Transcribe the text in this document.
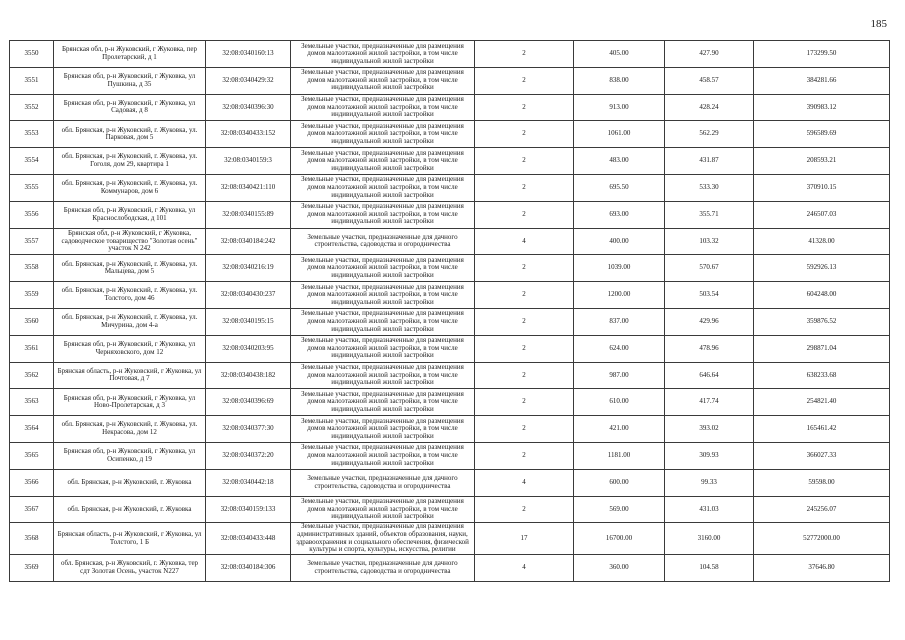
185
3550	Брянская обл, р-н Жуковский, г Жуковка, пер Пролетарский, д 1	32:08:0340160:13	Земельные участки, предназначенные для размещения домов малоэтажной жилой застройки, в том числе индивидуальной жилой застройки	2	405.00	427.90	173299.50
3551	Брянская обл, р-н Жуковский, г Жуковка, ул Пушкина, д 35	32:08:0340429:32	Земельные участки, предназначенные для размещения домов малоэтажной жилой застройки, в том числе индивидуальной жилой застройки	2	838.00	458.57	384281.66
3552	Брянская обл, р-н Жуковский, г Жуковка, ул Садовая, д 8	32:08:0340396:30	Земельные участки, предназначенные для размещения домов малоэтажной жилой застройки, в том числе индивидуальной жилой застройки	2	913.00	428.24	390983.12
3553	обл. Брянская, р-н Жуковский, г. Жуковка, ул. Парковая, дом 5	32:08:0340433:152	Земельные участки, предназначенные для размещения домов малоэтажной жилой застройки, в том числе индивидуальной жилой застройки	2	1061.00	562.29	596589.69
3554	обл. Брянская, р-н Жуковский, г. Жуковка, ул. Гоголя, дом 29, квартира 1	32:08:0340159:3	Земельные участки, предназначенные для размещения домов малоэтажной жилой застройки, в том числе индивидуальной жилой застройки	2	483.00	431.87	208593.21
3555	обл. Брянская, р-н Жуковский, г. Жуковка, ул. Коммунаров, дом 6	32:08:0340421:110	Земельные участки, предназначенные для размещения домов малоэтажной жилой застройки, в том числе индивидуальной жилой застройки	2	695.50	533.30	370910.15
3556	Брянская обл, р-н Жуковский, г Жуковка, ул Краснослободская, д 101	32:08:0340155:89	Земельные участки, предназначенные для размещения домов малоэтажной жилой застройки, в том числе индивидуальной жилой застройки	2	693.00	355.71	246507.03
3557	Брянская обл, р-н Жуковский, г Жуковка, садоводческое товарищество "Золотая осень" участок N 242	32:08:0340184:242	Земельные участки, предназначенные для дачного строительства, садоводства и огородничества	4	400.00	103.32	41328.00
3558	обл. Брянская, р-н Жуковский, г. Жуковка, ул. Мальцева, дом 5	32:08:0340216:19	Земельные участки, предназначенные для размещения домов малоэтажной жилой застройки, в том числе индивидуальной жилой застройки	2	1039.00	570.67	592926.13
3559	обл. Брянская, р-н Жуковский, г. Жуковка, ул. Толстого, дом 46	32:08:0340430:237	Земельные участки, предназначенные для размещения домов малоэтажной жилой застройки, в том числе индивидуальной жилой застройки	2	1200.00	503.54	604248.00
3560	обл. Брянская, р-н Жуковский, г. Жуковка, ул. Мичурина, дом 4-а	32:08:0340195:15	Земельные участки, предназначенные для размещения домов малоэтажной жилой застройки, в том числе индивидуальной жилой застройки	2	837.00	429.96	359876.52
3561	Брянская обл, р-н Жуковский, г Жуковка, ул Черняховского, дом 12	32:08:0340203:95	Земельные участки, предназначенные для размещения домов малоэтажной жилой застройки, в том числе индивидуальной жилой застройки	2	624.00	478.96	298871.04
3562	Брянская область, р-н Жуковский, г Жуковка, ул Почтовая, д 7	32:08:0340438:182	Земельные участки, предназначенные для размещения домов малоэтажной жилой застройки, в том числе индивидуальной жилой застройки	2	987.00	646.64	638233.68
3563	Брянская обл, р-н Жуковский, г Жуковка, ул Ново-Пролетарская, д 3	32:08:0340396:69	Земельные участки, предназначенные для размещения домов малоэтажной жилой застройки, в том числе индивидуальной жилой застройки	2	610.00	417.74	254821.40
3564	обл. Брянская, р-н Жуковский, г. Жуковка, ул. Некрасова, дом 12	32:08:0340377:30	Земельные участки, предназначенные для размещения домов малоэтажной жилой застройки, в том числе индивидуальной жилой застройки	2	421.00	393.02	165461.42
3565	Брянская обл, р-н Жуковский, г Жуковка, ул Осипенко, д 19	32:08:0340372:20	Земельные участки, предназначенные для размещения домов малоэтажной жилой застройки, в том числе индивидуальной жилой застройки	2	1181.00	309.93	366027.33
3566	обл. Брянская, р-н Жуковский, г. Жуковка	32:08:0340442:18	Земельные участки, предназначенные для дачного строительства, садоводства и огородничества	4	600.00	99.33	59598.00
3567	обл. Брянская, р-н Жуковский, г. Жуковка	32:08:0340159:133	Земельные участки, предназначенные для размещения домов малоэтажной жилой застройки, в том числе индивидуальной жилой застройки	2	569.00	431.03	245256.07
3568	Брянская область, р-н Жуковский, г Жуковка, ул Толстого, 1 Б	32:08:0340433:448	Земельные участки, предназначенные для размещения административных зданий, объектов образования, науки, здравоохранения и социального обеспечения, физической культуры и спорта, культуры, искусства, религии	17	16700.00	3160.00	52772000.00
3569	обл. Брянская, р-н Жуковский, г. Жуковка, тер сдт Золотая Осень, участок N227	32:08:0340184:306	Земельные участки, предназначенные для дачного строительства, садоводства и огородничества	4	360.00	104.58	37646.80
